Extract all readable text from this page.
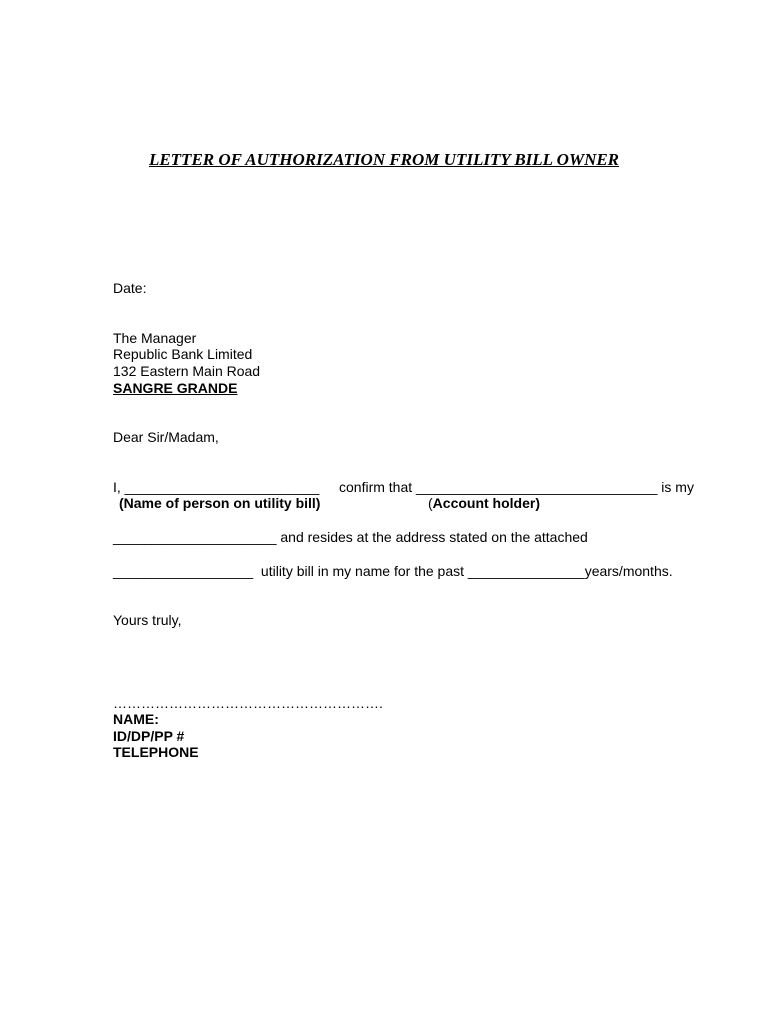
LETTER OF AUTHORIZATION FROM UTILITY BILL OWNER

Date:

The Manager

Republic Bank Limited

132 Eastern Main Road

SANGRE GRANDE

Dear Sir/Madam,

I, _________________________ confirm that _______________________________ is my
(Name of person on utility bill)	(Account holder)

_____________________ and resides at the address stated on the attached

__________________  utility bill in my name for the past _______________years/months.

Yours truly,

………………………………………………….

NAME:

ID/DP/PP #

TELEPHONE
